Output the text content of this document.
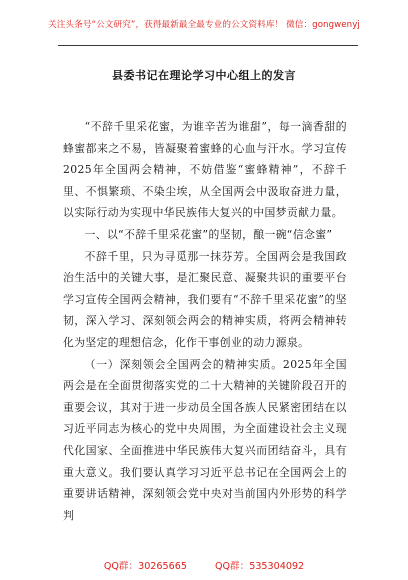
关注头条号“公文研究”，获得最新最全最专业的公文资料库！ 微信：gongwenyj
县委书记在理论学习中心组上的发言

“不辞千里采花蜜，为谁辛苦为谁甜”，每一滴香甜的蜂蜜都来之不易，皆凝聚着蜜蜂的心血与汗水。学习宣传2025年全国两会精神，不妨借鉴“蜜蜂精神”，不辞千里、不惧繁琐、不染尘埃，从全国两会中汲取奋进力量，以实际行动为实现中华民族伟大复兴的中国梦贡献力量。

一、以“不辞千里采花蜜”的坚韧，酿一碗“信念蜜”

不辞千里，只为寻觅那一抹芬芳。全国两会是我国政治生活中的关键大事，是汇聚民意、凝聚共识的重要平台学习宣传全国两会精神，我们要有“不辞千里采花蜜”的坚韧，深入学习、深刻领会两会的精神实质，将两会精神转化为坚定的理想信念，化作干事创业的动力源泉。

（一）深刻领会全国两会的精神实质。2025年全国两会是在全面贯彻落实党的二十大精神的关键阶段召开的重要会议，其对于进一步动员全国各族人民紧密团结在以习近平同志为核心的党中央周围，为全面建设社会主义现代化国家、全面推进中华民族伟大复兴而团结奋斗，具有重大意义。我们要认真学习习近平总书记在全国两会上的重要讲话精神，深刻领会党中央对当前国内外形势的科学判

QQ群：30265665	QQ群：535304092
